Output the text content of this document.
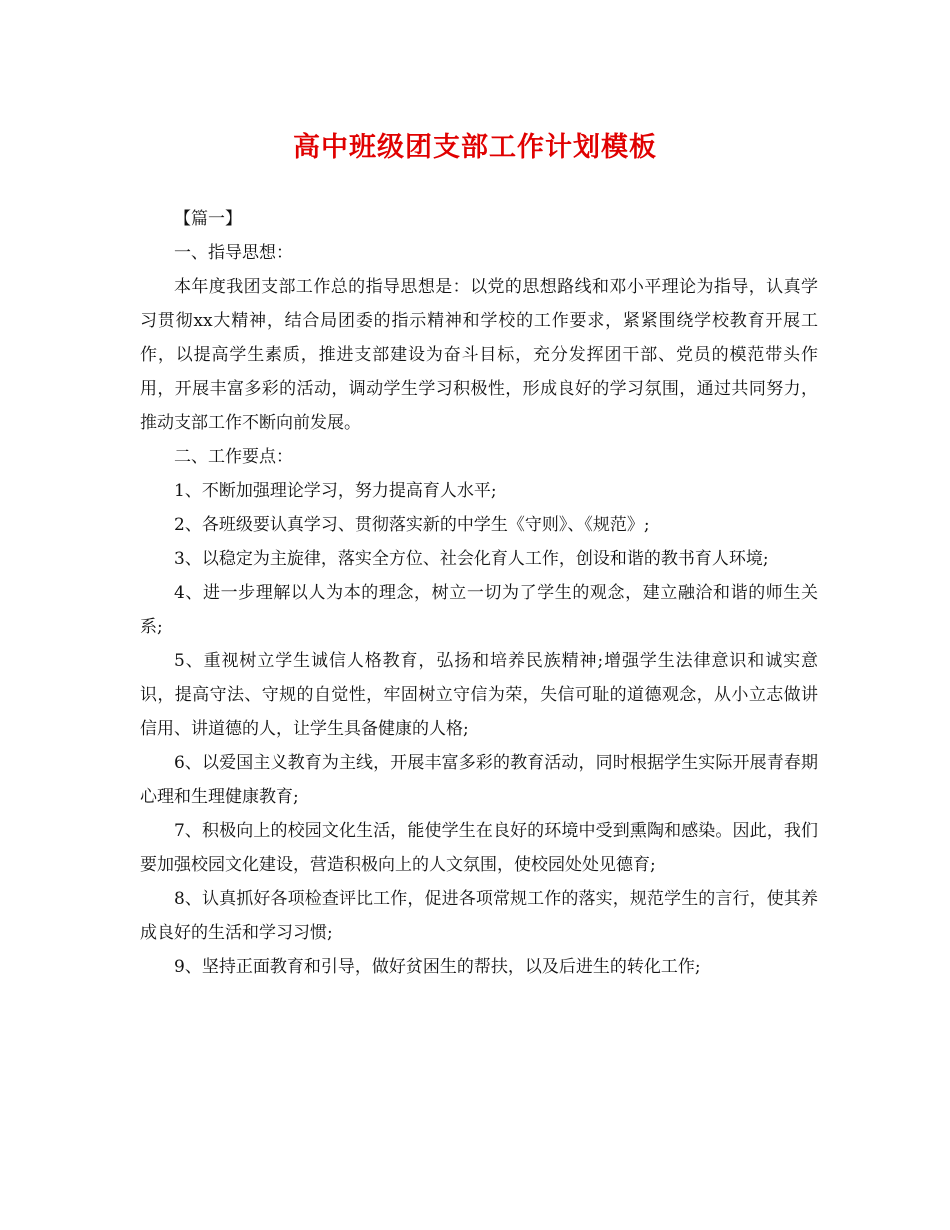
高中班级团支部工作计划模板

【篇一】

一、指导思想：

本年度我团支部工作总的指导思想是：以党的思想路线和邓小平理论为指导，认真学习贯彻xx大精神，结合局团委的指示精神和学校的工作要求，紧紧围绕学校教育开展工作，以提高学生素质，推进支部建设为奋斗目标，充分发挥团干部、党员的模范带头作用，开展丰富多彩的活动，调动学生学习积极性，形成良好的学习氛围，通过共同努力，推动支部工作不断向前发展。

二、工作要点：

1、不断加强理论学习，努力提高育人水平;

2、各班级要认真学习、贯彻落实新的中学生《守则》、《规范》;

3、以稳定为主旋律，落实全方位、社会化育人工作，创设和谐的教书育人环境;

4、进一步理解以人为本的理念，树立一切为了学生的观念，建立融洽和谐的师生关系;

5、重视树立学生诚信人格教育，弘扬和培养民族精神;增强学生法律意识和诚实意识，提高守法、守规的自觉性，牢固树立守信为荣，失信可耻的道德观念，从小立志做讲信用、讲道德的人，让学生具备健康的人格;

6、以爱国主义教育为主线，开展丰富多彩的教育活动，同时根据学生实际开展青春期心理和生理健康教育;

7、积极向上的校园文化生活，能使学生在良好的环境中受到熏陶和感染。因此，我们要加强校园文化建设，营造积极向上的人文氛围，使校园处处见德育;

8、认真抓好各项检查评比工作，促进各项常规工作的落实，规范学生的言行，使其养成良好的生活和学习习惯;

9、坚持正面教育和引导，做好贫困生的帮扶，以及后进生的转化工作;
